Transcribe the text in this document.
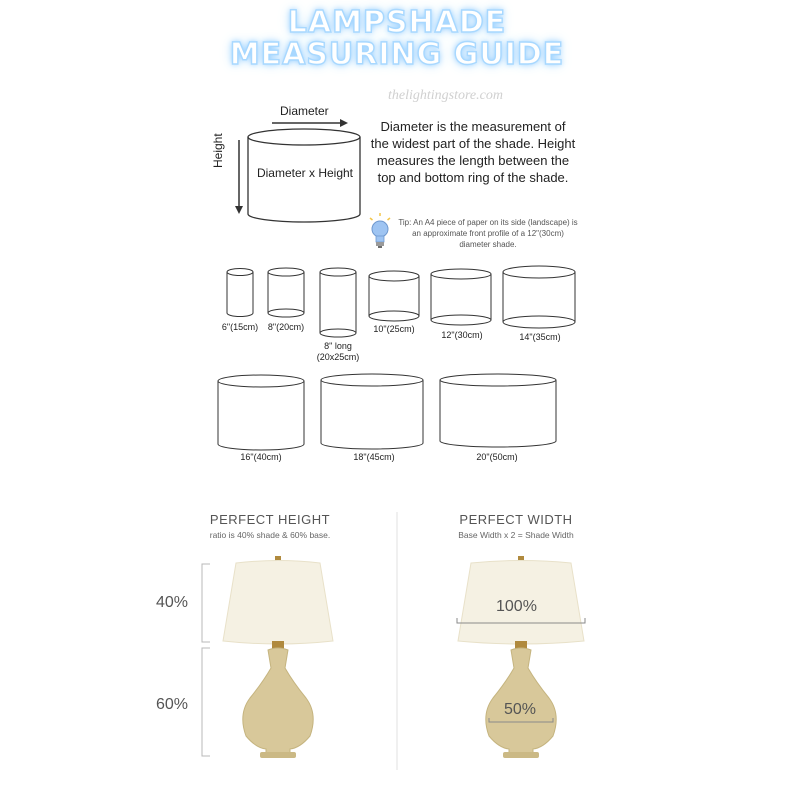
LAMPSHADE
MEASURING GUIDE
thelightingstore.com
Diameter
Height
Diameter x Height
Diameter is the measurement of the widest part of the shade. Height measures the length between the top and bottom ring of the shade.
Tip: An A4 piece of paper on its side (landscape) is an approximate front profile of a 12"(30cm) diameter shade.
6"(15cm)	8"(20cm)
8" long
(20x25cm)
10"(25cm)
12"(30cm)	14"(35cm)
16"(40cm)	18"(45cm)	20"(50cm)
PERFECT HEIGHT
ratio is 40% shade & 60% base.
PERFECT WIDTH
Base Width x 2 = Shade Width
40%
60%
100%
50%
